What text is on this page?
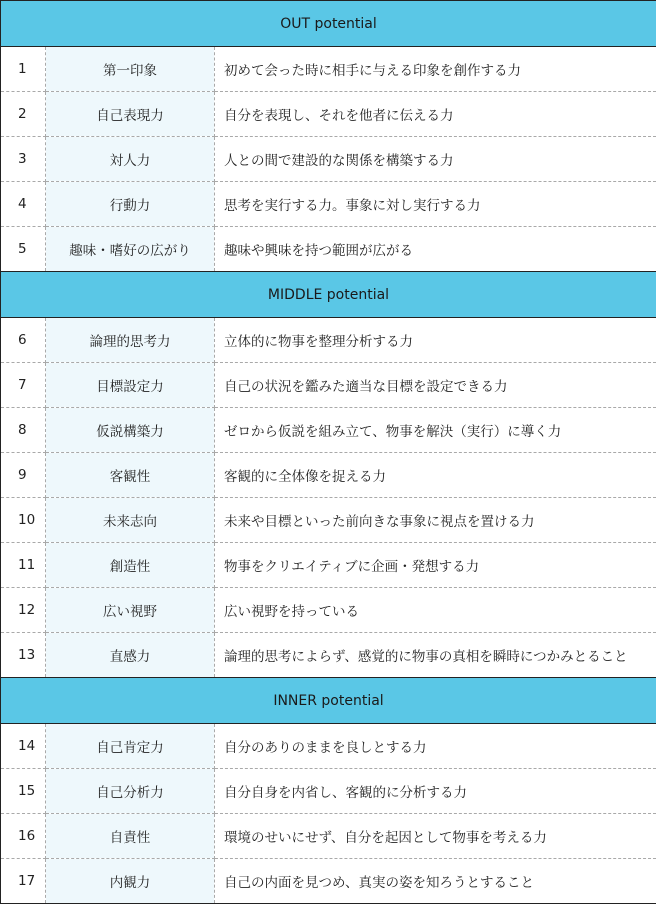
OUT potential		
1	第一印象	初めて会った時に相手に与える印象を創作する力
2	自己表現力	自分を表現し、それを他者に伝える力
3	対人力	人との間で建設的な関係を構築する力
4	行動力	思考を実行する力。事象に対し実行する力
5	趣味・嗜好の広がり	趣味や興味を持つ範囲が広がる
MIDDLE potential		
6	論理的思考力	立体的に物事を整理分析する力
7	目標設定力	自己の状況を鑑みた適当な目標を設定できる力
8	仮説構築力	ゼロから仮説を組み立て、物事を解決（実行）に導く力
9	客観性	客観的に全体像を捉える力
10	未来志向	未来や目標といった前向きな事象に視点を置ける力
11	創造性	物事をクリエイティブに企画・発想する力
12	広い視野	広い視野を持っている
13	直感力	論理的思考によらず、感覚的に物事の真相を瞬時につかみとること
INNER potential		
14	自己肯定力	自分のありのままを良しとする力
15	自己分析力	自分自身を内省し、客観的に分析する力
16	自責性	環境のせいにせず、自分を起因として物事を考える力
17	内観力	自己の内面を見つめ、真実の姿を知ろうとすること
